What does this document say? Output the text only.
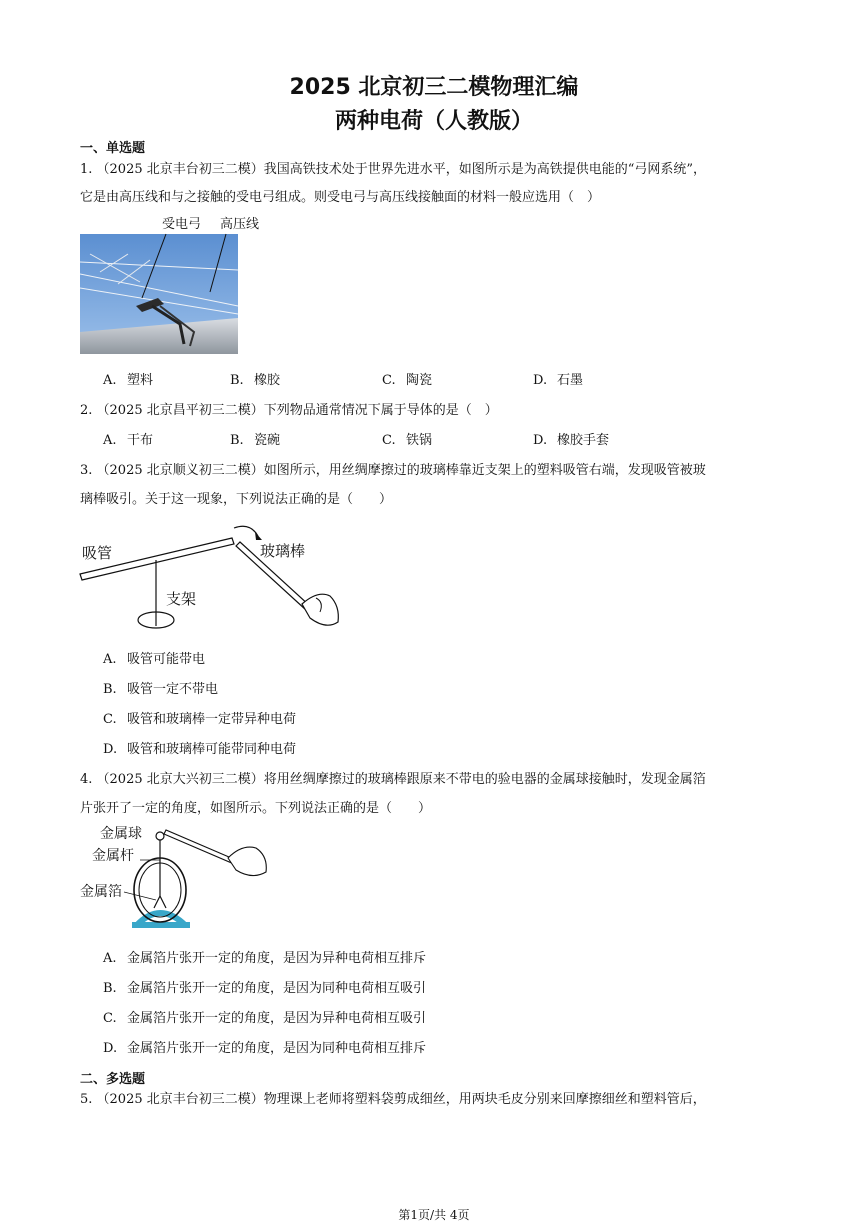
2025 北京初三二模物理汇编
两种电荷（人教版）
一、单选题
1. （2025 北京丰台初三二模）我国高铁技术处于世界先进水平，如图所示是为高铁提供电能的“弓网系统”，
它是由高压线和与之接触的受电弓组成。则受电弓与高压线接触面的材料一般应选用（　）
受电弓 高压线
A. 塑料	B. 橡胶	C. 陶瓷	D. 石墨
2. （2025 北京昌平初三二模）下列物品通常情况下属于导体的是（　）
A. 干布	B. 瓷碗	C. 铁锅	D. 橡胶手套
3. （2025 北京顺义初三二模）如图所示，用丝绸摩擦过的玻璃棒靠近支架上的塑料吸管右端，发现吸管被玻
璃棒吸引。关于这一现象，下列说法正确的是（　　）
吸管	玻璃棒
支架
A. 吸管可能带电
B. 吸管一定不带电
C. 吸管和玻璃棒一定带异种电荷
D. 吸管和玻璃棒可能带同种电荷
4. （2025 北京大兴初三二模）将用丝绸摩擦过的玻璃棒跟原来不带电的验电器的金属球接触时，发现金属箔
片张开了一定的角度，如图所示。下列说法正确的是（　　）
金属球
金属杆
金属箔
A. 金属箔片张开一定的角度，是因为异种电荷相互排斥
B. 金属箔片张开一定的角度，是因为同种电荷相互吸引
C. 金属箔片张开一定的角度，是因为异种电荷相互吸引
D. 金属箔片张开一定的角度，是因为同种电荷相互排斥
二、多选题
5. （2025 北京丰台初三二模）物理课上老师将塑料袋剪成细丝，用两块毛皮分别来回摩擦细丝和塑料管后，
第1页/共 4页
